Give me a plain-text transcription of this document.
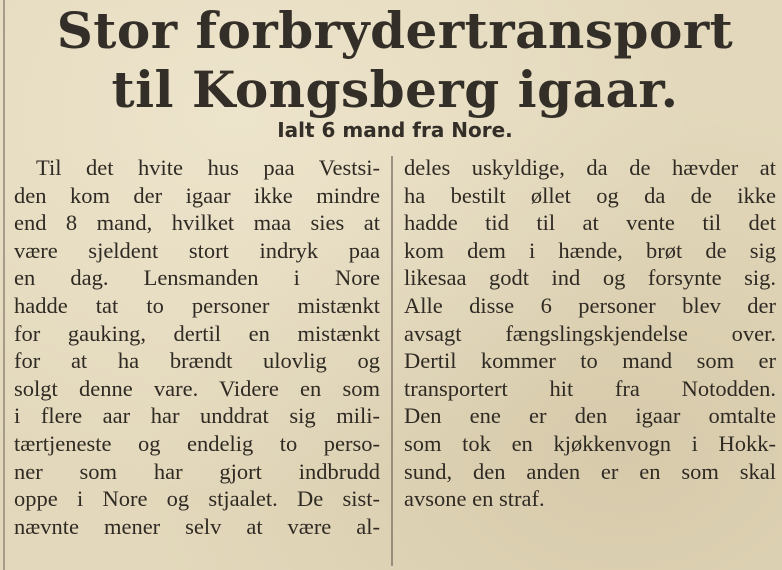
Stor forbrydertransport
til Kongsberg igaar.
Ialt 6 mand fra Nore.
Til det hvite hus paa Vestsi-
den kom der igaar ikke mindre
end 8 mand, hvilket maa sies at
være sjeldent stort indryk paa
en dag. Lensmanden i Nore
hadde tat to personer mistænkt
for gauking, dertil en mistænkt
for at ha brændt ulovlig og
solgt denne vare. Videre en som
i flere aar har unddrat sig mili-
tærtjeneste og endelig to perso-
ner som har gjort indbrudd
oppe i Nore og stjaalet. De sist-
nævnte mener selv at være al-
deles uskyldige, da de hævder at
ha bestilt øllet og da de ikke
hadde tid til at vente til det
kom dem i hænde, brøt de sig
likesaa godt ind og forsynte sig.
Alle disse 6 personer blev der
avsagt fængslingskjendelse over.
Dertil kommer to mand som er
transportert hit fra Notodden.
Den ene er den igaar omtalte
som tok en kjøkkenvogn i Hokk-
sund, den anden er en som skal
avsone en straf.
